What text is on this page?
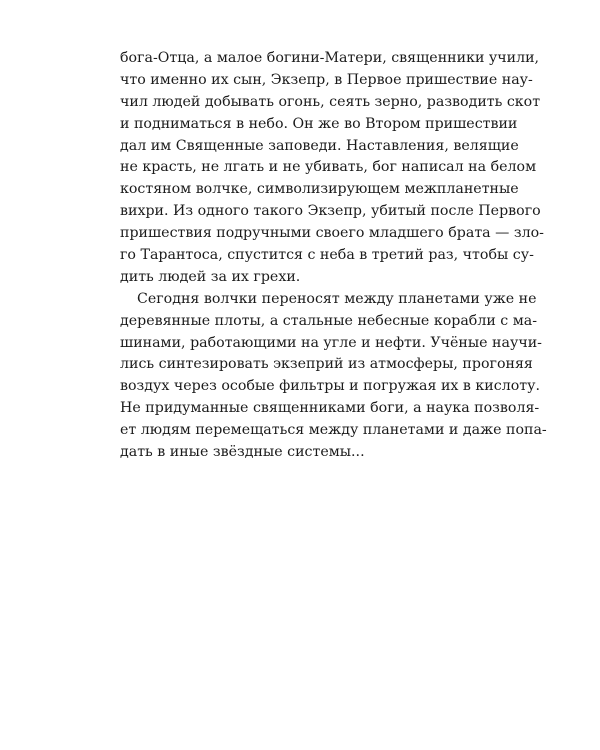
бога-Отца, а малое богини-Матери, священники учили,
что именно их сын, Экзепр, в Первое пришествие нау-
чил людей добывать огонь, сеять зерно, разводить скот
и подниматься в небо. Он же во Втором пришествии
дал им Священные заповеди. Наставления, велящие
не красть, не лгать и не убивать, бог написал на белом
костяном волчке, символизирующем межпланетные
вихри. Из одного такого Экзепр, убитый после Первого
пришествия подручными своего младшего брата — зло-
го Тарантоса, спустится с неба в третий раз, чтобы су-
дить людей за их грехи.
Сегодня волчки переносят между планетами уже не
деревянные плоты, а стальные небесные корабли с ма-
шинами, работающими на угле и нефти. Учёные научи-
лись синтезировать экзеприй из атмосферы, прогоняя
воздух через особые фильтры и погружая их в кислоту.
Не придуманные священниками боги, а наука позволя-
ет людям перемещаться между планетами и даже попа-
дать в иные звёздные системы...
